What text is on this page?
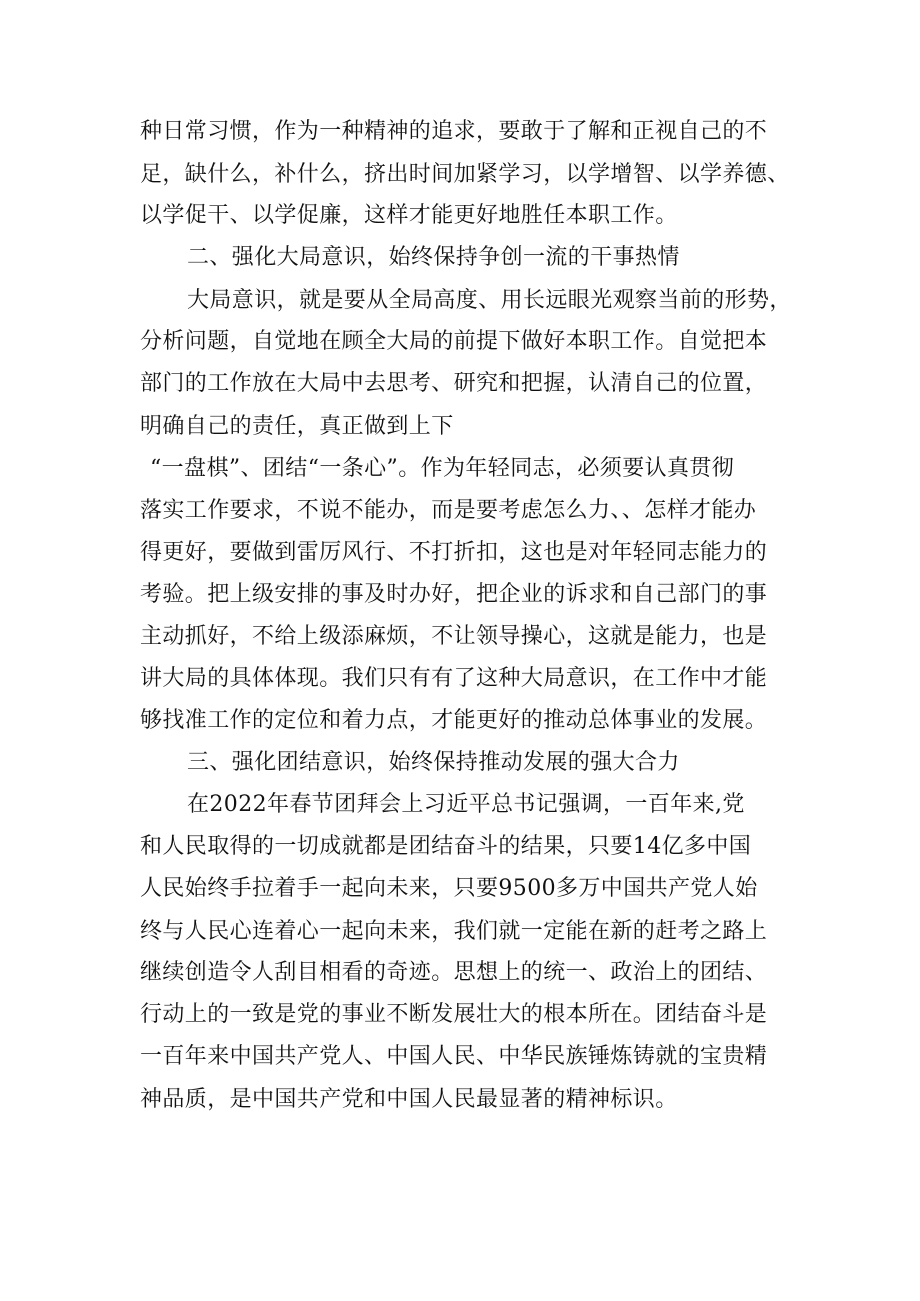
种日常习惯，作为一种精神的追求，要敢于了解和正视自己的不
足，缺什么，补什么，挤出时间加紧学习，以学增智、以学养德、
以学促干、以学促廉，这样才能更好地胜任本职工作。
二、强化大局意识，始终保持争创一流的干事热情
大局意识，就是要从全局高度、用长远眼光观察当前的形势，
分析问题，自觉地在顾全大局的前提下做好本职工作。自觉把本
部门的工作放在大局中去思考、研究和把握，认清自己的位置，
明确自己的责任，真正做到上下
“一盘棋”、团结“一条心”。作为年轻同志，必须要认真贯彻
落实工作要求，不说不能办，而是要考虑怎么力、、怎样才能办
得更好，要做到雷厉风行、不打折扣，这也是对年轻同志能力的
考验。把上级安排的事及时办好，把企业的诉求和自己部门的事
主动抓好，不给上级添麻烦，不让领导操心，这就是能力，也是
讲大局的具体体现。我们只有有了这种大局意识，在工作中才能
够找准工作的定位和着力点，才能更好的推动总体事业的发展。
三、强化团结意识，始终保持推动发展的强大合力
在2022年春节团拜会上习近平总书记强调，一百年来,党
和人民取得的一切成就都是团结奋斗的结果，只要14亿多中国
人民始终手拉着手一起向未来，只要9500多万中国共产党人始
终与人民心连着心一起向未来，我们就一定能在新的赶考之路上
继续创造令人刮目相看的奇迹。思想上的统一、政治上的团结、
行动上的一致是党的事业不断发展壮大的根本所在。团结奋斗是
一百年来中国共产党人、中国人民、中华民族锤炼铸就的宝贵精
神品质，是中国共产党和中国人民最显著的精神标识。
